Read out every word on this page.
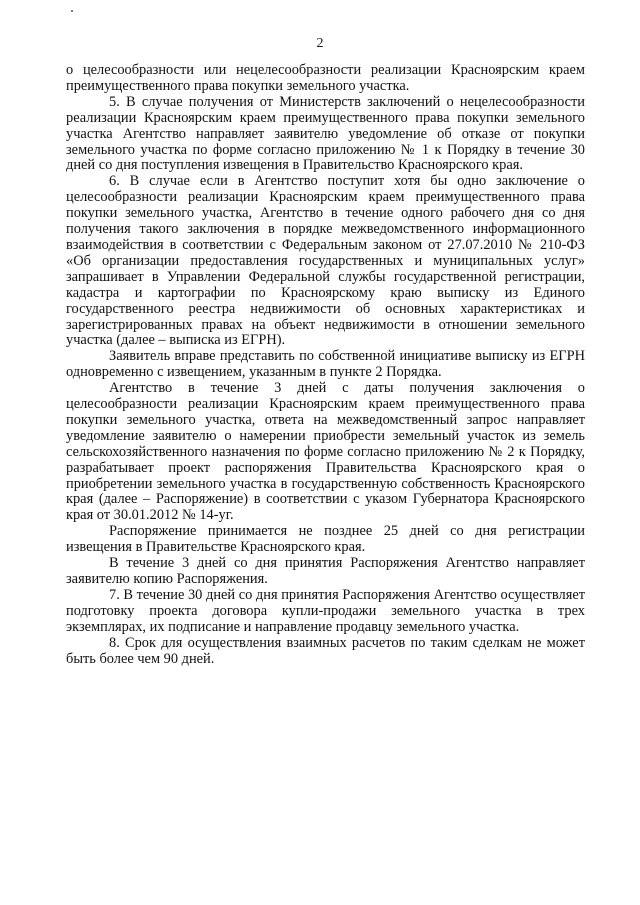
2

о целесообразности или нецелесообразности реализации Красноярским краем преимущественного права покупки земельного участка.

5. В случае получения от Министерств заключений о нецелесообразности реализации Красноярским краем преимущественного права покупки земельного участка Агентство направляет заявителю уведомление об отказе от покупки земельного участка по форме согласно приложению № 1 к Порядку в течение 30 дней со дня поступления извещения в Правительство Красноярского края.

6. В случае если в Агентство поступит хотя бы одно заключение о целесообразности реализации Красноярским краем преимущественного права покупки земельного участка, Агентство в течение одного рабочего дня со дня получения такого заключения в порядке межведомственного информационного взаимодействия в соответствии с Федеральным законом от 27.07.2010 № 210-ФЗ «Об организации предоставления государственных и муниципальных услуг» запрашивает в Управлении Федеральной службы государственной регистрации, кадастра и картографии по Красноярскому краю выписку из Единого государственного реестра недвижимости об основных характеристиках и зарегистрированных правах на объект недвижимости в отношении земельного участка (далее – выписка из ЕГРН).

Заявитель вправе представить по собственной инициативе выписку из ЕГРН одновременно с извещением, указанным в пункте 2 Порядка.

Агентство в течение 3 дней с даты получения заключения о целесообразности реализации Красноярским краем преимущественного права покупки земельного участка, ответа на межведомственный запрос направляет уведомление заявителю о намерении приобрести земельный участок из земель сельскохозяйственного назначения по форме согласно приложению № 2 к Порядку, разрабатывает проект распоряжения Правительства Красноярского края о приобретении земельного участка в государственную собственность Красноярского края (далее – Распоряжение) в соответствии с указом Губернатора Красноярского края от 30.01.2012 № 14-уг.

Распоряжение принимается не позднее 25 дней со дня регистрации извещения в Правительстве Красноярского края.

В течение 3 дней со дня принятия Распоряжения Агентство направляет заявителю копию Распоряжения.

7. В течение 30 дней со дня принятия Распоряжения Агентство осуществляет подготовку проекта договора купли-продажи земельного участка в трех экземплярах, их подписание и направление продавцу земельного участка.

8. Срок для осуществления взаимных расчетов по таким сделкам не может быть более чем 90 дней.
